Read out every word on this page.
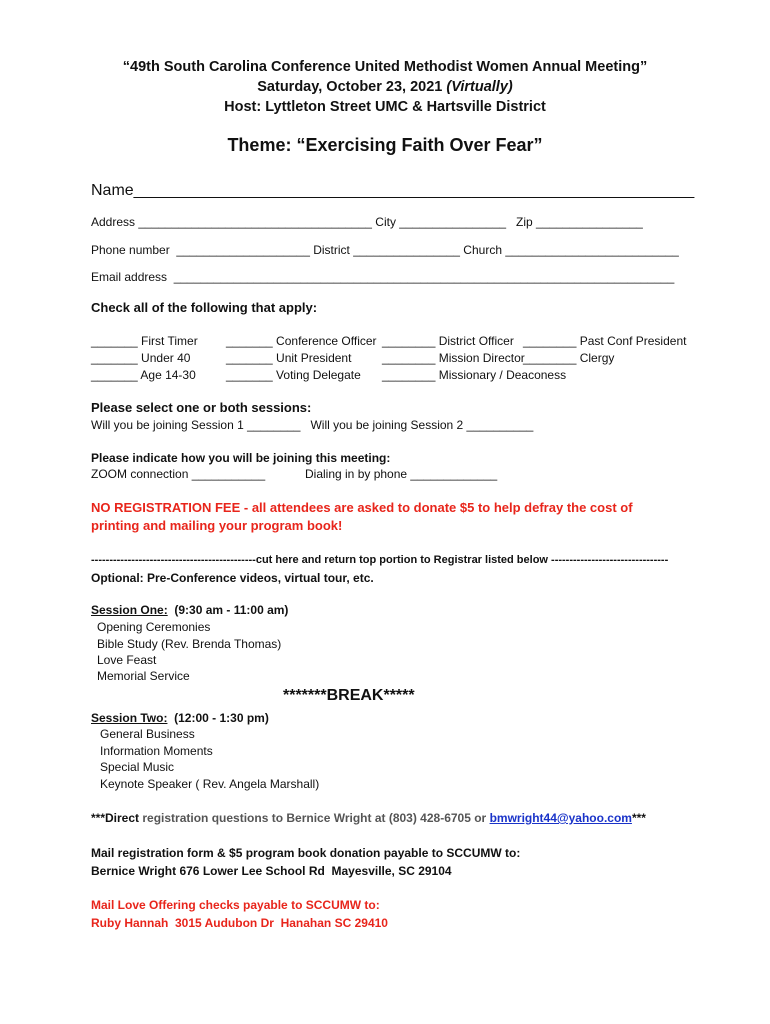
“49th South Carolina Conference United Methodist Women Annual Meeting”
Saturday, October 23, 2021 (Virtually)
Host: Lyttleton Street UMC & Hartsville District
Theme: “Exercising Faith Over Fear”
Name_______________________________________________________________
Address ___________________________________ City ________________   Zip ________________
Phone number  ____________________ District ________________ Church __________________________
Email address  ___________________________________________________________________________
Check all of the following that apply:
_______ First Timer
_______ Under 40
_______ Age 14-30
_______ Conference Officer
_______ Unit President
_______ Voting Delegate
________ District Officer
________ Mission Director
________ Missionary / Deaconess
________ Past Conf President
________ Clergy
Please select one or both sessions:
Will you be joining Session 1 ________   Will you be joining Session 2 __________
Please indicate how you will be joining this meeting:
ZOOM connection ___________	Dialing in by phone _____________
NO REGISTRATION FEE - all attendees are asked to donate $5 to help defray the cost of
printing and mailing your program book!
---------------------------------------------cut here and return top portion to Registrar listed below --------------------------------
Optional: Pre-Conference videos, virtual tour, etc.
Session One:  (9:30 am - 11:00 am)
Opening Ceremonies
Bible Study (Rev. Brenda Thomas)
Love Feast
Memorial Service
*******BREAK*****
Session Two:  (12:00 - 1:30 pm)
General Business
Information Moments
Special Music
Keynote Speaker ( Rev. Angela Marshall)
***Direct registration questions to Bernice Wright at (803) 428-6705 or bmwright44@yahoo.com***
Mail registration form & $5 program book donation payable to SCCUMW to:
Bernice Wright 676 Lower Lee School Rd  Mayesville, SC 29104
Mail Love Offering checks payable to SCCUMW to:
Ruby Hannah  3015 Audubon Dr  Hanahan SC 29410
